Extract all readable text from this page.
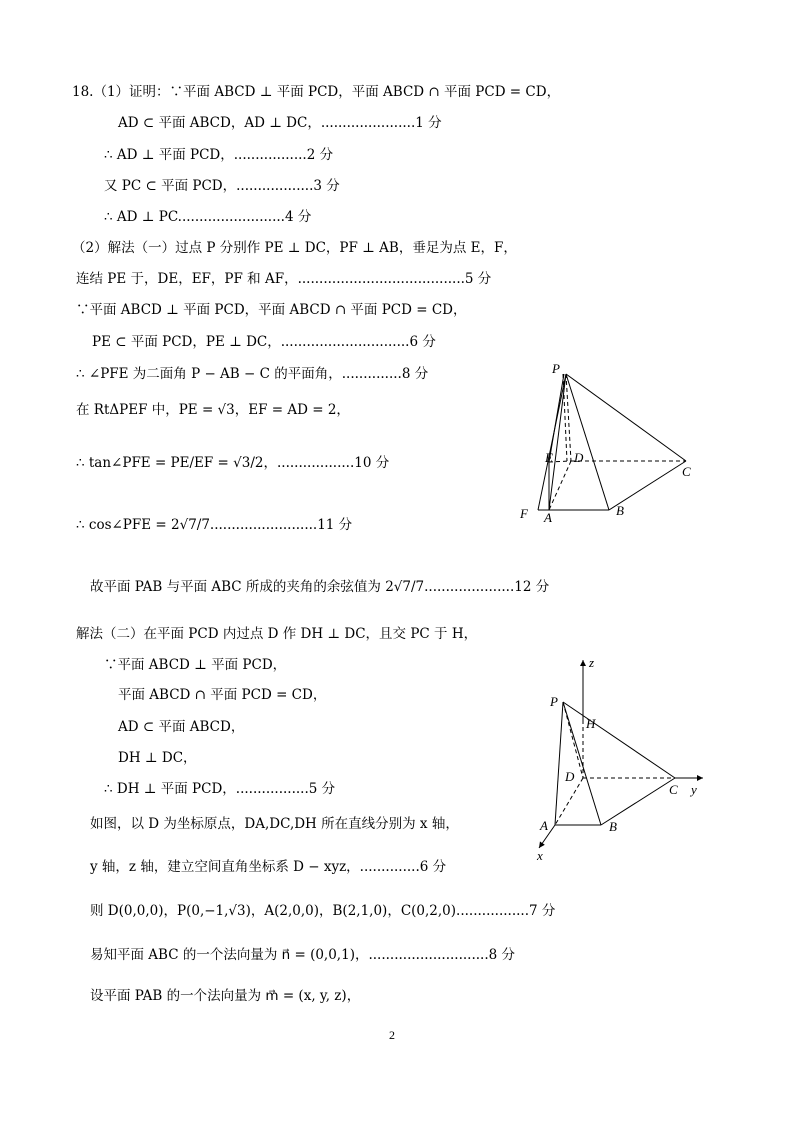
18.（1）证明：∵平面 ABCD ⊥ 平面 PCD，平面 ABCD ∩ 平面 PCD = CD，
AD ⊂ 平面 ABCD，AD ⊥ DC，......................1 分
∴ AD ⊥ 平面 PCD，.................2 分
又 PC ⊂ 平面 PCD，..................3 分
∴ AD ⊥ PC.........................4 分
（2）解法（一）过点 P 分别作 PE ⊥ DC，PF ⊥ AB，垂足为点 E，F，
连结 PE 于，DE，EF，PF 和 AF，.......................................5 分
∵平面 ABCD ⊥ 平面 PCD，平面 ABCD ∩ 平面 PCD = CD，
PE ⊂ 平面 PCD，PE ⊥ DC，..............................6 分
∴ ∠PFE 为二面角 P − AB − C 的平面角，..............8 分
在 RtΔPEF 中，PE = √3，EF = AD = 2，
∴ tan∠PFE = PE/EF = √3/2，..................10 分
∴ cos∠PFE = 2√7/7.........................11 分
故平面 PAB 与平面 ABC 所成的夹角的余弦值为 2√7/7.....................12 分
解法（二）在平面 PCD 内过点 D 作 DH ⊥ DC，且交 PC 于 H，
∵平面 ABCD ⊥ 平面 PCD，
平面 ABCD ∩ 平面 PCD = CD，
AD ⊂ 平面 ABCD，
DH ⊥ DC，
∴ DH ⊥ 平面 PCD，.................5 分
如图，以 D 为坐标原点，DA,DC,DH 所在直线分别为 x 轴，
y 轴，z 轴，建立空间直角坐标系 D − xyz，..............6 分
则 D(0,0,0)，P(0,−1,√3)，A(2,0,0)，B(2,1,0)，C(0,2,0).................7 分
易知平面 ABC 的一个法向量为 n⃗ = (0,0,1)，............................8 分
设平面 PAB 的一个法向量为 m⃗ = (x, y, z)，
P
E D
C
F A	B
z
P
H
D
C y
A	B
x
2
